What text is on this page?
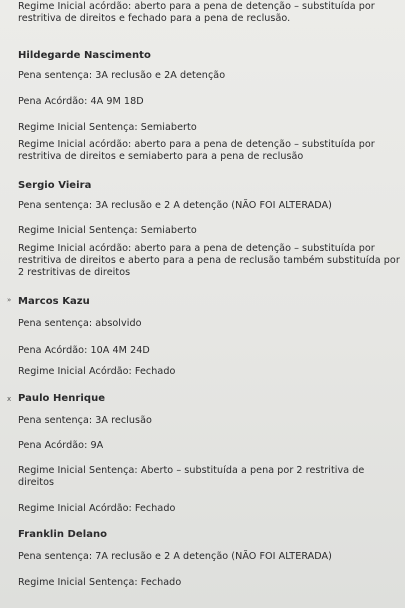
Regime Inicial acórdão: aberto para a pena de detenção – substituída por restritiva de direitos e fechado para a pena de reclusão.

Hildegarde Nascimento

Pena sentença: 3A reclusão e 2A detenção

Pena Acórdão: 4A 9M 18D

Regime Inicial Sentença: Semiaberto

Regime Inicial acórdão: aberto para a pena de detenção – substituída por restritiva de direitos e semiaberto para a pena de reclusão

Sergio Vieira

Pena sentença: 3A reclusão e 2 A detenção (NÃO FOI ALTERADA)

Regime Inicial Sentença: Semiaberto

Regime Inicial acórdão: aberto para a pena de detenção – substituída por restritiva de direitos e aberto para a pena de reclusão também substituída por 2 restritivas de direitos

Marcos Kazu

Pena sentença: absolvido

Pena Acórdão: 10A 4M 24D

Regime Inicial Acórdão: Fechado

Paulo Henrique

Pena sentença: 3A reclusão

Pena Acórdão: 9A

Regime Inicial Sentença: Aberto – substituída a pena por 2 restritiva de direitos

Regime Inicial Acórdão: Fechado

Franklin Delano

Pena sentença: 7A reclusão e 2 A detenção (NÃO FOI ALTERADA)

Regime Inicial Sentença: Fechado

»
x
